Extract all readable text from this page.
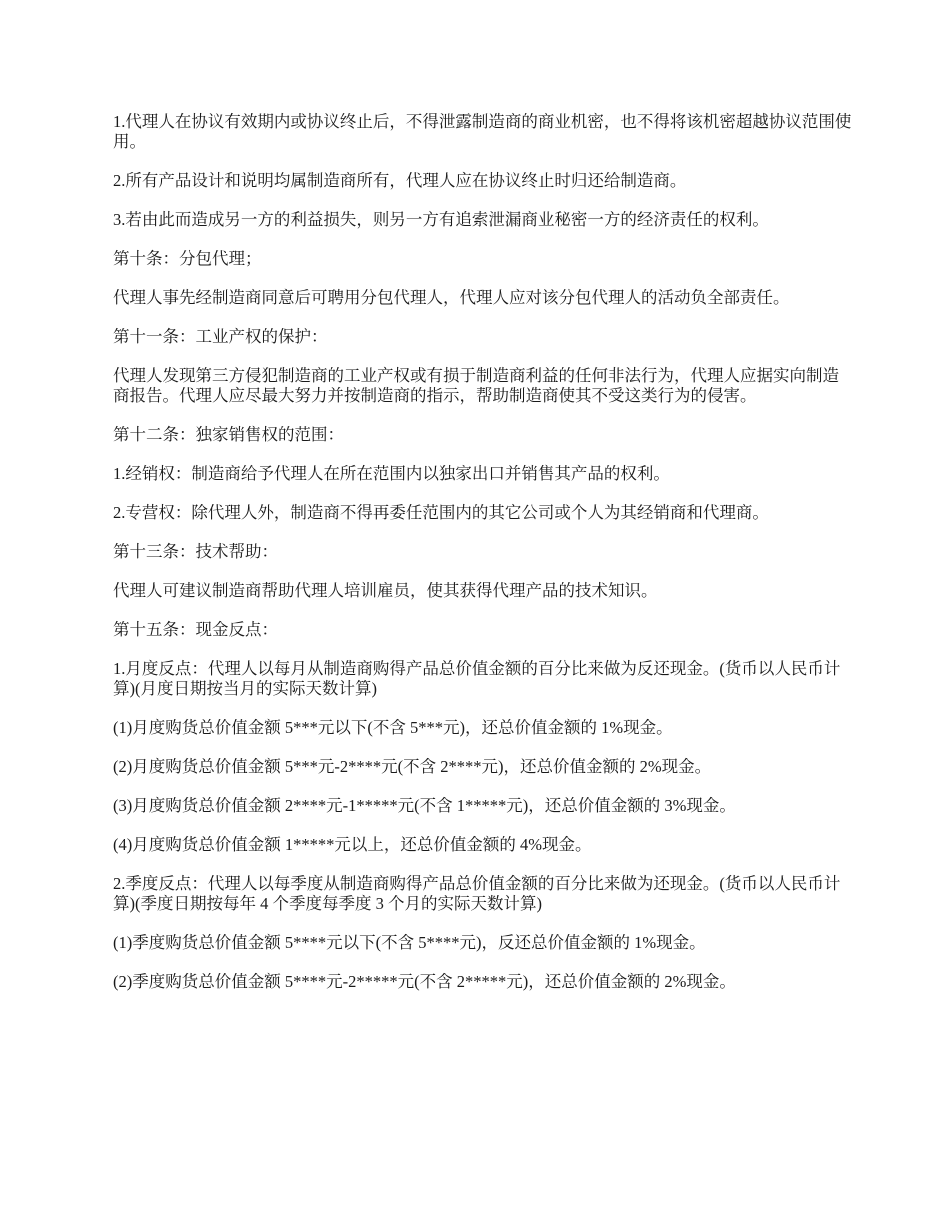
1.代理人在协议有效期内或协议终止后，不得泄露制造商的商业机密，也不得将该机密超越协议范围使用。

2.所有产品设计和说明均属制造商所有，代理人应在协议终止时归还给制造商。

3.若由此而造成另一方的利益损失，则另一方有追索泄漏商业秘密一方的经济责任的权利。

第十条：分包代理；

代理人事先经制造商同意后可聘用分包代理人，代理人应对该分包代理人的活动负全部责任。

第十一条：工业产权的保护：

代理人发现第三方侵犯制造商的工业产权或有损于制造商利益的任何非法行为，代理人应据实向制造商报告。代理人应尽最大努力并按制造商的指示，帮助制造商使其不受这类行为的侵害。

第十二条：独家销售权的范围：

1.经销权：制造商给予代理人在所在范围内以独家出口并销售其产品的权利。

2.专营权：除代理人外，制造商不得再委任范围内的其它公司或个人为其经销商和代理商。

第十三条：技术帮助：

代理人可建议制造商帮助代理人培训雇员，使其获得代理产品的技术知识。

第十五条：现金反点：

1.月度反点：代理人以每月从制造商购得产品总价值金额的百分比来做为反还现金。(货币以人民币计算)(月度日期按当月的实际天数计算)

(1)月度购货总价值金额 5***元以下(不含 5***元)，还总价值金额的 1%现金。

(2)月度购货总价值金额 5***元-2****元(不含 2****元)，还总价值金额的 2%现金。

(3)月度购货总价值金额 2****元-1*****元(不含 1*****元)，还总价值金额的 3%现金。

(4)月度购货总价值金额 1*****元以上，还总价值金额的 4%现金。

2.季度反点：代理人以每季度从制造商购得产品总价值金额的百分比来做为还现金。(货币以人民币计算)(季度日期按每年 4 个季度每季度 3 个月的实际天数计算)

(1)季度购货总价值金额 5****元以下(不含 5****元)，反还总价值金额的 1%现金。

(2)季度购货总价值金额 5****元-2*****元(不含 2*****元)，还总价值金额的 2%现金。
